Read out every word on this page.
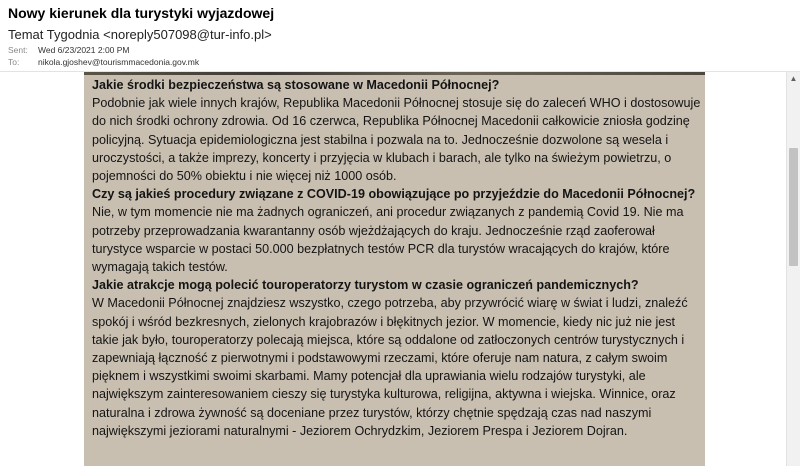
Nowy kierunek dla turystyki wyjazdowej
Temat Tygodnia <noreply507098@tur-info.pl>
Sent: Wed 6/23/2021 2:00 PM
To: nikola.gjoshev@tourismmacedonia.gov.mk

Jakie środki bezpieczeństwa są stosowane w Macedonii Północnej?

Podobnie jak wiele innych krajów, Republika Macedonii Północnej stosuje się do zaleceń WHO i dostosowuje do nich środki ochrony zdrowia. Od 16 czerwca, Republika Północnej Macedonii całkowicie zniosła godzinę policyjną. Sytuacja epidemiologiczna jest stabilna i pozwala na to. Jednocześnie dozwolone są wesela i uroczystości, a także imprezy, koncerty i przyjęcia w klubach i barach, ale tylko na świeżym powietrzu, o pojemności do 50% obiektu i nie więcej niż 1000 osób.

Czy są jakieś procedury związane z COVID-19 obowiązujące po przyjeździe do Macedonii Północnej?

Nie, w tym momencie nie ma żadnych ograniczeń, ani procedur związanych z pandemią Covid 19. Nie ma potrzeby przeprowadzania kwarantanny osób wjeżdżających do kraju. Jednocześnie rząd zaoferował turystyce wsparcie w postaci 50.000 bezpłatnych testów PCR dla turystów wracających do krajów, które wymagają takich testów.

Jakie atrakcje mogą polecić touroperatorzy turystom w czasie ograniczeń pandemicznych?

W Macedonii Północnej znajdziesz wszystko, czego potrzeba, aby przywrócić wiarę w świat i ludzi, znaleźć spokój i wśród bezkresnych, zielonych krajobrazów i błękitnych jezior. W momencie, kiedy nic już nie jest takie jak było, touroperatorzy polecają miejsca, które są oddalone od zatłoczonych centrów turystycznych i zapewniają łączność z pierwotnymi i podstawowymi rzeczami, które oferuje nam natura, z całym swoim pięknem i wszystkimi swoimi skarbami. Mamy potencjał dla uprawiania wielu rodzajów turystyki, ale największym zainteresowaniem cieszy się turystyka kulturowa, religijna, aktywna i wiejska. Winnice, oraz naturalna i zdrowa żywność są doceniane przez turystów, którzy chętnie spędzają czas nad naszymi największymi jeziorami naturalnymi - Jeziorem Ochrydzkim, Jeziorem Prespa i Jeziorem Dojran.

▲
